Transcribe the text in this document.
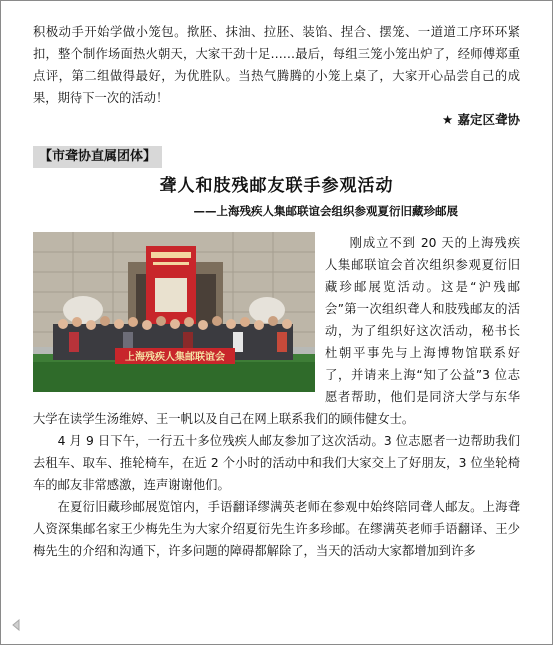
积极动手开始学做小笼包。揿胚、抹油、拉胚、装馅、捏合、摆笼、一道道工序环环紧扣，整个制作场面热火朝天，大家干劲十足……最后，每组三笼小笼出炉了，经师傅郑重点评，第二组做得最好，为优胜队。当热气腾腾的小笼上桌了，大家开心品尝自己的成果，期待下一次的活动！

★ 嘉定区聋协
【市聋协直属团体】
聋人和肢残邮友联手参观活动
——上海残疾人集邮联谊会组织参观夏衍旧藏珍邮展
上海残疾人集邮联谊会

刚成立不到 20 天的上海残疾人集邮联谊会首次组织参观夏衍旧藏珍邮展览活动。这是“沪残邮会”第一次组织聋人和肢残邮友的活动，为了组织好这次活动，秘书长杜朝平事先与上海博物馆联系好了，并请来上海“知了公益”3 位志愿者帮助，他们是同济大学与东华大学在读学生汤维婷、王一帆以及自己在网上联系我们的顾伟健女士。

4 月 9 日下午，一行五十多位残疾人邮友参加了这次活动。3 位志愿者一边帮助我们去租车、取车、推轮椅车，在近 2 个小时的活动中和我们大家交上了好朋友，3 位坐轮椅车的邮友非常感激，连声谢谢他们。

在夏衍旧藏珍邮展览馆内，手语翻译缪满英老师在参观中始终陪同聋人邮友。上海聋人资深集邮名家王少梅先生为大家介绍夏衍先生许多珍邮。在缪满英老师手语翻译、王少梅先生的介绍和沟通下，许多问题的障碍都解除了，当天的活动大家都增加到许多
